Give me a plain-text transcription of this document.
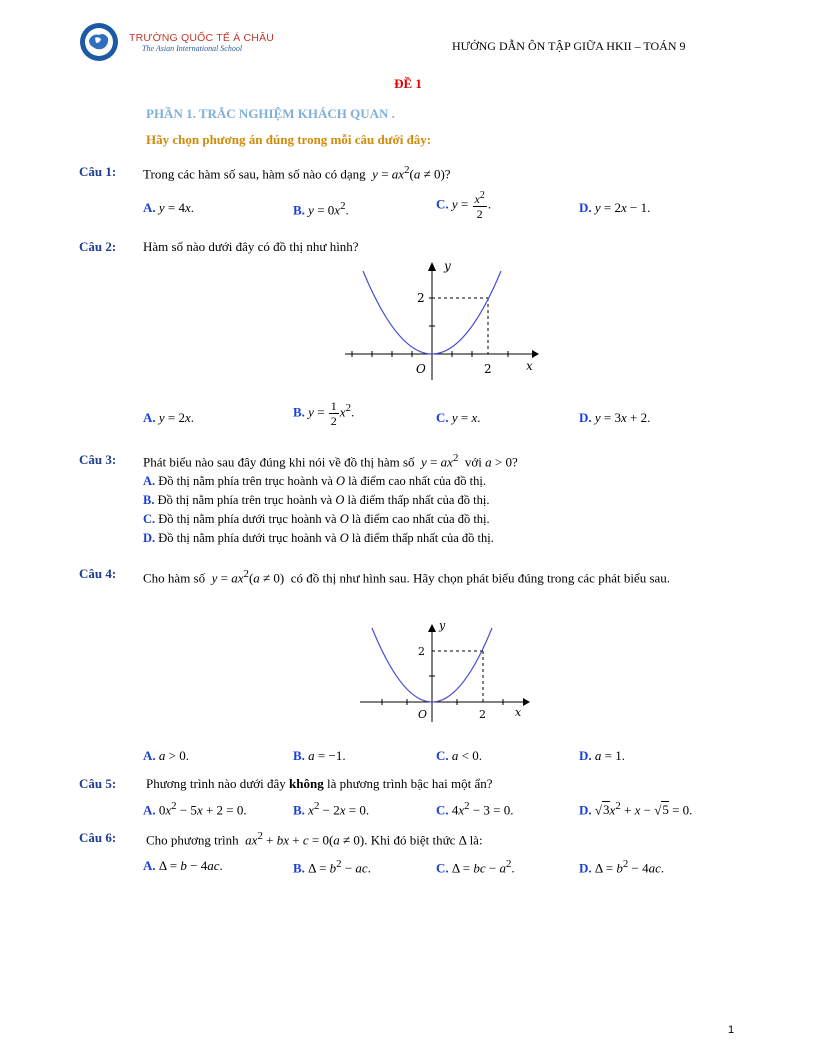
TRƯỜNG QUỐC TẾ Á CHÂU
The Asian International School	HƯỚNG DẪN ÔN TẬP GIỮA HKII – TOÁN 9
ĐỀ 1
PHẦN 1. TRẮC NGHIỆM KHÁCH QUAN .
Hãy chọn phương án đúng trong mỗi câu dưới đây:
Câu 1: Trong các hàm số sau, hàm số nào có dạng  $y = ax^2(a \ne 0)$?
A. y = 4x.	B. $y = 0x^2$.	C. $y = \frac{x^2}{2}$ .	D. y = 2x − 1.
Câu 2: Hàm số nào dưới đây có đồ thị như hình?
y
x
O	2
2
A. y = 2x.	B. $y = \frac{1}{2} x^2$.	C. y = x.	D. y = 3x + 2.
Câu 3: Phát biểu nào sau đây đúng khi nói về đồ thị hàm số  $y = ax^2$ với a > 0?
A. Đồ thị nằm phía trên trục hoành và O là điểm cao nhất của đồ thị.
B. Đồ thị nằm phía trên trục hoành và O là điểm thấp nhất của đồ thị.
C. Đồ thị nằm phía dưới trục hoành và O là điểm cao nhất của đồ thị.
D. Đồ thị nằm phía dưới trục hoành và O là điểm thấp nhất của đồ thị.
Câu 4: Cho hàm số  $y = ax^2(a \ne 0)$  có đồ thị như hình sau. Hãy chọn phát biểu đúng trong các phát biểu sau.
y
x
O	2
2
A. a > 0.	B. a = −1.	C. a < 0.	D. a = 1.
Câu 5: Phương trình nào dưới đây không là phương trình bậc hai một ẩn?
A. $0x^2 - 5x + 2 = 0$.	B. $x^2 - 2x = 0$.	C. $4x^2 - 3 = 0$.	D. $√3x^2 + x - √5 = 0$.
Câu 6: Cho phương trình  $ax^2$ + bx + c = 0(a ≠ 0). Khi đó biệt thức Δ là:
A. Δ = b − 4ac.	B. $\Delta = b^2$ − ac.	C. Δ = bc − $a^2$.	D. $\Delta = b^2 - 4ac$.
1
